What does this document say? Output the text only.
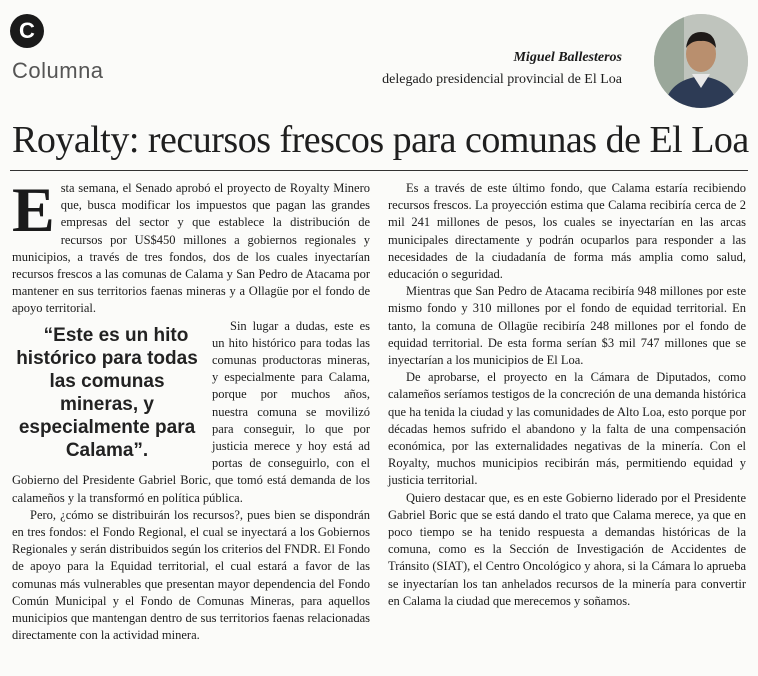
C
Columna
Miguel Ballesteros
delegado presidencial provincial de El Loa
Royalty: recursos frescos para comunas de El Loa

Esta semana, el Senado aprobó el proyecto de Royalty Minero que, busca modificar los impuestos que pagan las grandes empresas del sector y que establece la distribución de recursos por US$450 millones a gobiernos regionales y municipios, a través de tres fondos, dos de los cuales inyectarían recursos frescos a las comunas de Calama y San Pedro de Atacama por mantener en sus territorios faenas mineras y a Ollagüe por el fondo de apoyo territorial.

“Este es un hito histórico para todas las comunas mineras, y especialmente para Calama”.
Sin lugar a dudas, este es un hito histórico para todas las comunas productoras mineras, y especialmente para Calama, porque por muchos años, nuestra comuna se movilizó para conseguir, lo que por justicia merece y hoy está ad portas de conseguirlo, con el Gobierno del Presidente Gabriel Boric, que tomó está demanda de los calameños y la transformó en política pública.

Pero, ¿cómo se distribuirán los recursos?, pues bien se dispondrán en tres fondos: el Fondo Regional, el cual se inyectará a los Gobiernos Regionales y serán distribuidos según los criterios del FNDR. El Fondo de apoyo para la Equidad territorial, el cual estará a favor de las comunas más vulnerables que presentan mayor dependencia del Fondo Común Municipal y el Fondo de Comunas Mineras, para aquellos municipios que mantengan dentro de sus territorios faenas relacionadas directamente con la actividad minera.

Es a través de este último fondo, que Calama estaría recibiendo recursos frescos. La proyección estima que Calama recibiría cerca de 2 mil 241 millones de pesos, los cuales se inyectarían en las arcas municipales directamente y podrán ocuparlos para responder a las necesidades de la ciudadanía de forma más amplia como salud, educación o seguridad.

Mientras que San Pedro de Atacama recibiría 948 millones por este mismo fondo y 310 millones por el fondo de equidad territorial. En tanto, la comuna de Ollagüe recibiría 248 millones por el fondo de equidad territorial. De esta forma serían $3 mil 747 millones que se inyectarían a los municipios de El Loa.

De aprobarse, el proyecto en la Cámara de Diputados, como calameños seríamos testigos de la concreción de una demanda histórica que ha tenida la ciudad y las comunidades de Alto Loa, esto porque por décadas hemos sufrido el abandono y la falta de una compensación económica, por las externalidades negativas de la minería. Con el Royalty, muchos municipios recibirán más, permitiendo equidad y justicia territorial.

Quiero destacar que, es en este Gobierno liderado por el Presidente Gabriel Boric que se está dando el trato que Calama merece, ya que en poco tiempo se ha tenido respuesta a demandas históricas de la comuna, como es la Sección de Investigación de Accidentes de Tránsito (SIAT), el Centro Oncológico y ahora, si la Cámara lo aprueba se inyectarían los tan anhelados recursos de la minería para convertir en Calama la ciudad que merecemos y soñamos.
